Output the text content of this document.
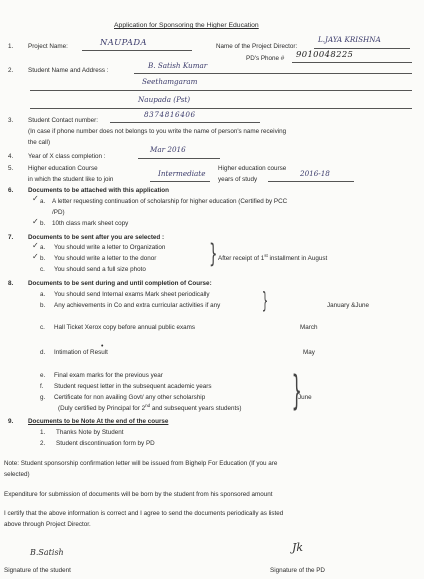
Application for Sponsoring the Higher Education
1. Project Name:	NAUPADA	Name of the Project Director:
L.JAYA KRISHNA
PD's Phone # 9010048225
2. Student Name and Address :
B. Satish Kumar
Seethamgaram
Naupada (Pst)
3. Student Contact number:
8374816406
(In case if phone number does not belongs to you write the name of person's name receiving
the call)
4. Year of X class completion :
Mar 2016
5. Higher education Course
in which the student like to join
Intermediate
Higher education course
years of study
2016-18
6. Documents to be attached with this application
✓ a. A letter requesting continuation of scholarship for higher education (Certified by PCC
/PD)
✓ b. 10th class mark sheet copy
7. Documents to be sent after you are selected :
✓ a. You should write a letter to Organization
✓ b. You should write a letter to the donor
c. You should send a full size photo
} After receipt of 1st installment in August
8. Documents to be sent during and until completion of Course:
a. You should send Internal exams Mark sheet periodically
b. Any achievements in Co and extra curricular activities if any }	January &June
c. Hall Ticket Xerox copy before annual public exams	March
•
d. Intimation of Result	May
e. Final exam marks for the previous year
f. Student request letter in the subsequent academic years
g. Certificate for non availing Govt/ any other scholarship
(Duly certified by Principal for 2nd and subsequent years students) }
June
9. Documents to be Note At the end of the course
1. Thanks Note by Student
2. Student discontinuation form by PD
Note: Student sponsorship confirmation letter will be issued from Bighelp For Education (If you are
selected)
Expenditure for submission of documents will be born by the student from his sponsored amount
I certify that the above information is correct and I agree to send the documents periodically as listed
above through Project Director.
B.Satish
Signature of the student
Jk
Signature of the PD
